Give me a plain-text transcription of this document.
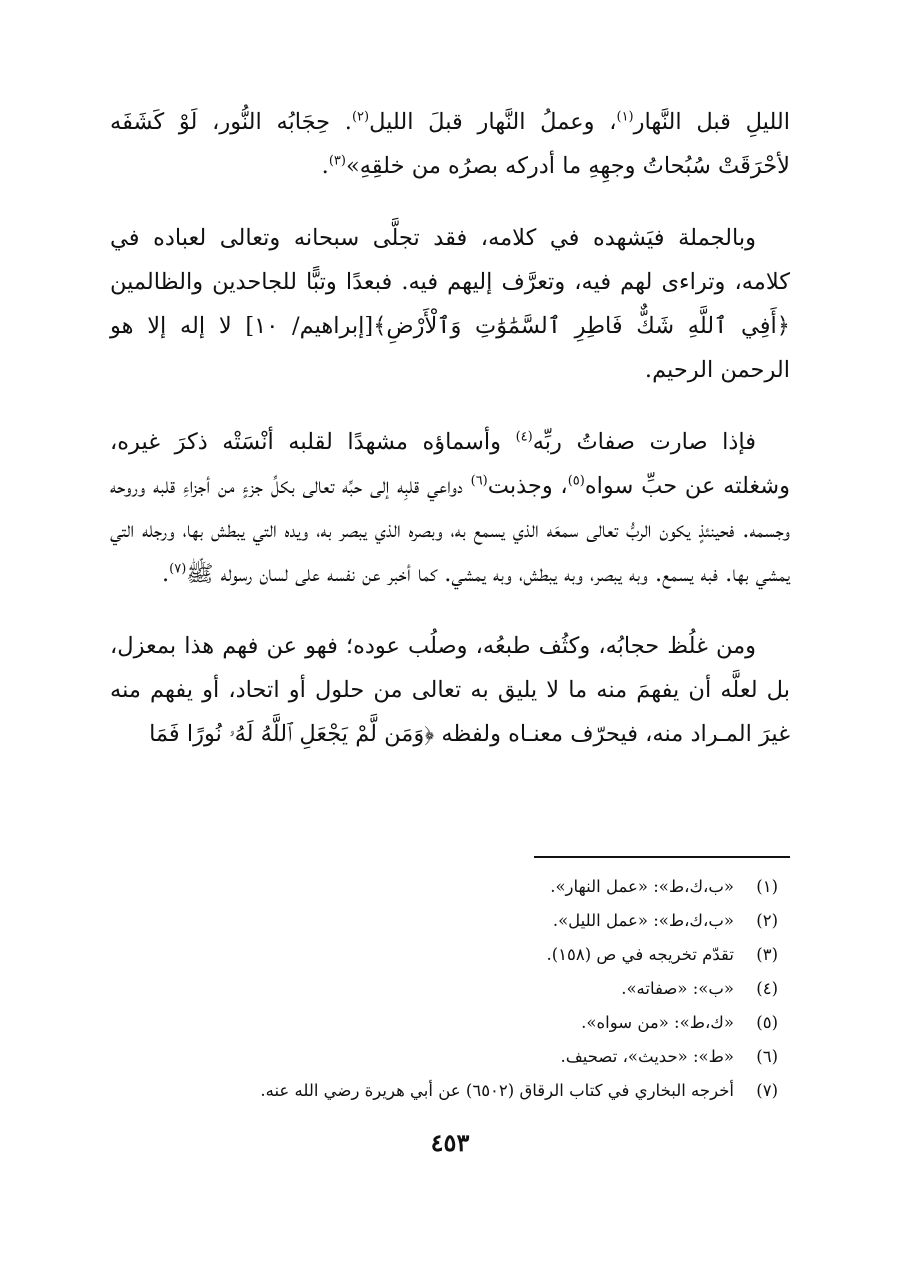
الليلِ قبل النَّهار$^{(١)}$، وعملُ النَّهار قبلَ الليل$^{(٢)}$. حِجَابُه النُّور، لَوْ كَشَفَه لأحْرَقَتْ سُبُحاتُ وجهِهِ ما أدركه بصرُه من خلقِهِ»$^{(٣)}$.

وبالجملة فيَشهده في كلامه، فقد تجلَّى سبحانه وتعالى لعباده في كلامه، وتراءى لهم فيه، وتعرَّف إليهم فيه. فبعدًا وتبًّا للجاحدين والظالمين ﴿أَفِي ٱللَّهِ شَكٌّ فَاطِرِ ٱلسَّمَٰوَٰتِ وَٱلْأَرْضِ﴾[إبراهيم/ ١٠] لا إله إلا هو الرحمن الرحيم.

فإذا صارت صفاتُ ربِّه$^{(٤)}$ وأسماؤه مشهدًا لقلبه أنْسَتْه ذكرَ غيره، وشغلته عن حبِّ سواه$^{(٥)}$، وجذبت$^{(٦)}$ دواعي قلبِه إلى حبِّه تعالى بكلِّ جزءٍ من أجزاءِ قلبه وروحه وجسمه. فحينئذٍ يكون الربُّ تعالى سمعَه الذي يسمع به، وبصره الذي يبصر به، ويده التي يبطش بها، ورجله التي يمشي بها. فبه يسمع. وبه يبصر، وبه يبطش، وبه يمشي. كما أخبر عن نفسه على لسان رسوله ﷺ$^{(٧)}$.

ومن غلُظ حجابُه، وكثُف طبعُه، وصلُب عوده؛ فهو عن فهم هذا بمعزل، بل لعلَّه أن يفهمَ منه ما لا يليق به تعالى من حلول أو اتحاد، أو يفهم منه غيرَ المـراد منه، فيحرّف معنـاه ولفظه ﴿وَمَن لَّمْ يَجْعَلِ ٱللَّهُ لَهُۥ نُورًا فَمَا

(١)
«ب،ك،ط»: «عمل النهار».
(٢)
«ب،ك،ط»: «عمل الليل».
(٣)
تقدّم تخريجه في ص (١٥٨).
(٤)
«ب»: «صفاته».
(٥)
«ك،ط»: «من سواه».
(٦)
«ط»: «حديث»، تصحيف.
(٧)
أخرجه البخاري في كتاب الرقاق (٦٥٠٢) عن أبي هريرة رضي الله عنه.
٤٥٣
